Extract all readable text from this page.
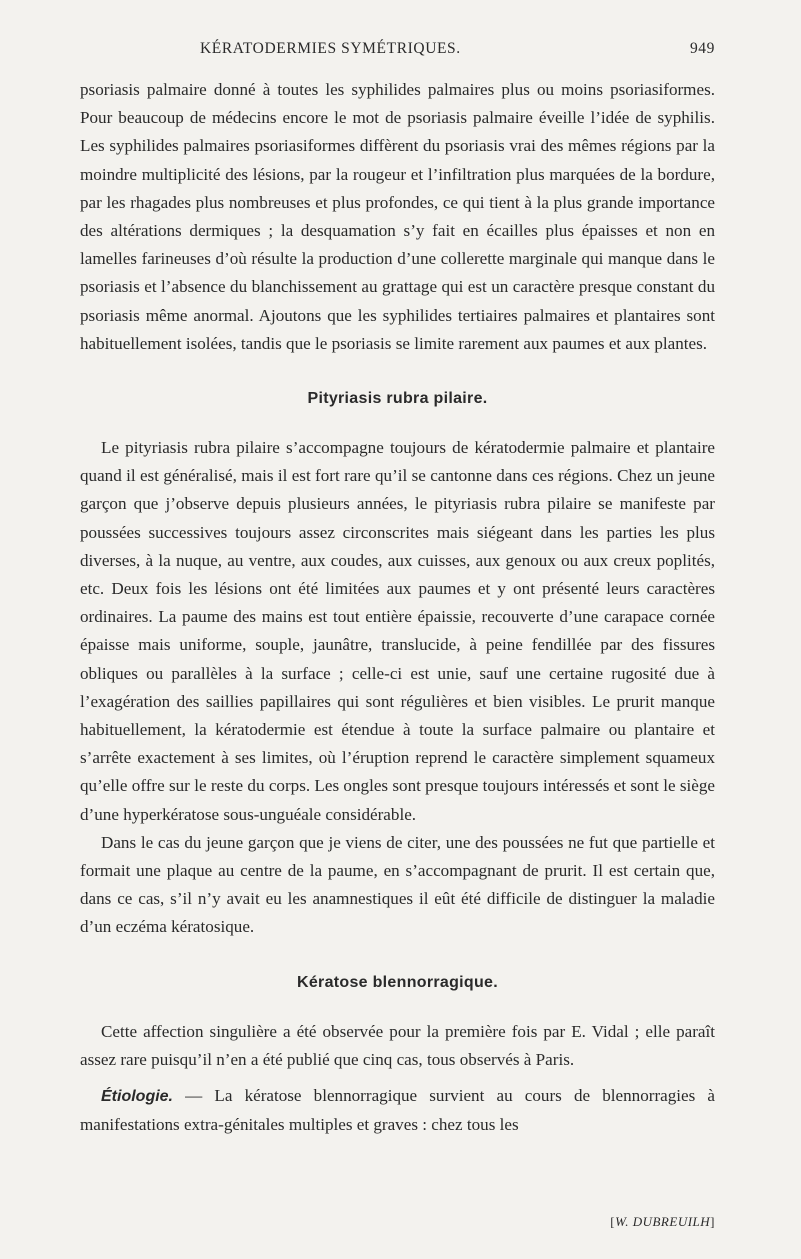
KÉRATODERMIES SYMÉTRIQUES.	949

psoriasis palmaire donné à toutes les syphilides palmaires plus ou moins psoriasiformes. Pour beaucoup de médecins encore le mot de psoriasis palmaire éveille l’idée de syphilis. Les syphilides palmaires psoriasiformes diffèrent du psoriasis vrai des mêmes régions par la moindre multiplicité des lésions, par la rougeur et l’infiltration plus marquées de la bordure, par les rhagades plus nombreuses et plus profondes, ce qui tient à la plus grande importance des altérations dermiques ; la desquamation s’y fait en écailles plus épaisses et non en lamelles farineuses d’où résulte la production d’une collerette marginale qui manque dans le psoriasis et l’absence du blanchissement au grattage qui est un caractère presque constant du psoriasis même anormal. Ajoutons que les syphilides tertiaires palmaires et plantaires sont habituellement isolées, tandis que le psoriasis se limite rarement aux paumes et aux plantes.

Pityriasis rubra pilaire.

Le pityriasis rubra pilaire s’accompagne toujours de kératodermie palmaire et plantaire quand il est généralisé, mais il est fort rare qu’il se cantonne dans ces régions. Chez un jeune garçon que j’observe depuis plusieurs années, le pityriasis rubra pilaire se manifeste par poussées successives toujours assez circonscrites mais siégeant dans les parties les plus diverses, à la nuque, au ventre, aux coudes, aux cuisses, aux genoux ou aux creux poplités, etc. Deux fois les lésions ont été limitées aux paumes et y ont présenté leurs caractères ordinaires. La paume des mains est tout entière épaissie, recouverte d’une carapace cornée épaisse mais uniforme, souple, jaunâtre, translucide, à peine fendillée par des fissures obliques ou parallèles à la surface ; celle-ci est unie, sauf une certaine rugosité due à l’exagération des saillies papillaires qui sont régulières et bien visibles. Le prurit manque habituellement, la kératodermie est étendue à toute la surface palmaire ou plantaire et s’arrête exactement à ses limites, où l’éruption reprend le caractère simplement squameux qu’elle offre sur le reste du corps. Les ongles sont presque toujours intéressés et sont le siège d’une hyperkératose sous-unguéale considérable.

Dans le cas du jeune garçon que je viens de citer, une des poussées ne fut que partielle et formait une plaque au centre de la paume, en s’accompagnant de prurit. Il est certain que, dans ce cas, s’il n’y avait eu les anamnestiques il eût été difficile de distinguer la maladie d’un eczéma kératosique.

Kératose blennorragique.

Cette affection singulière a été observée pour la première fois par E. Vidal ; elle paraît assez rare puisqu’il n’en a été publié que cinq cas, tous observés à Paris.

Étiologie. — La kératose blennorragique survient au cours de blennorragies à manifestations extra-génitales multiples et graves : chez tous les

[W. DUBREUILH]
